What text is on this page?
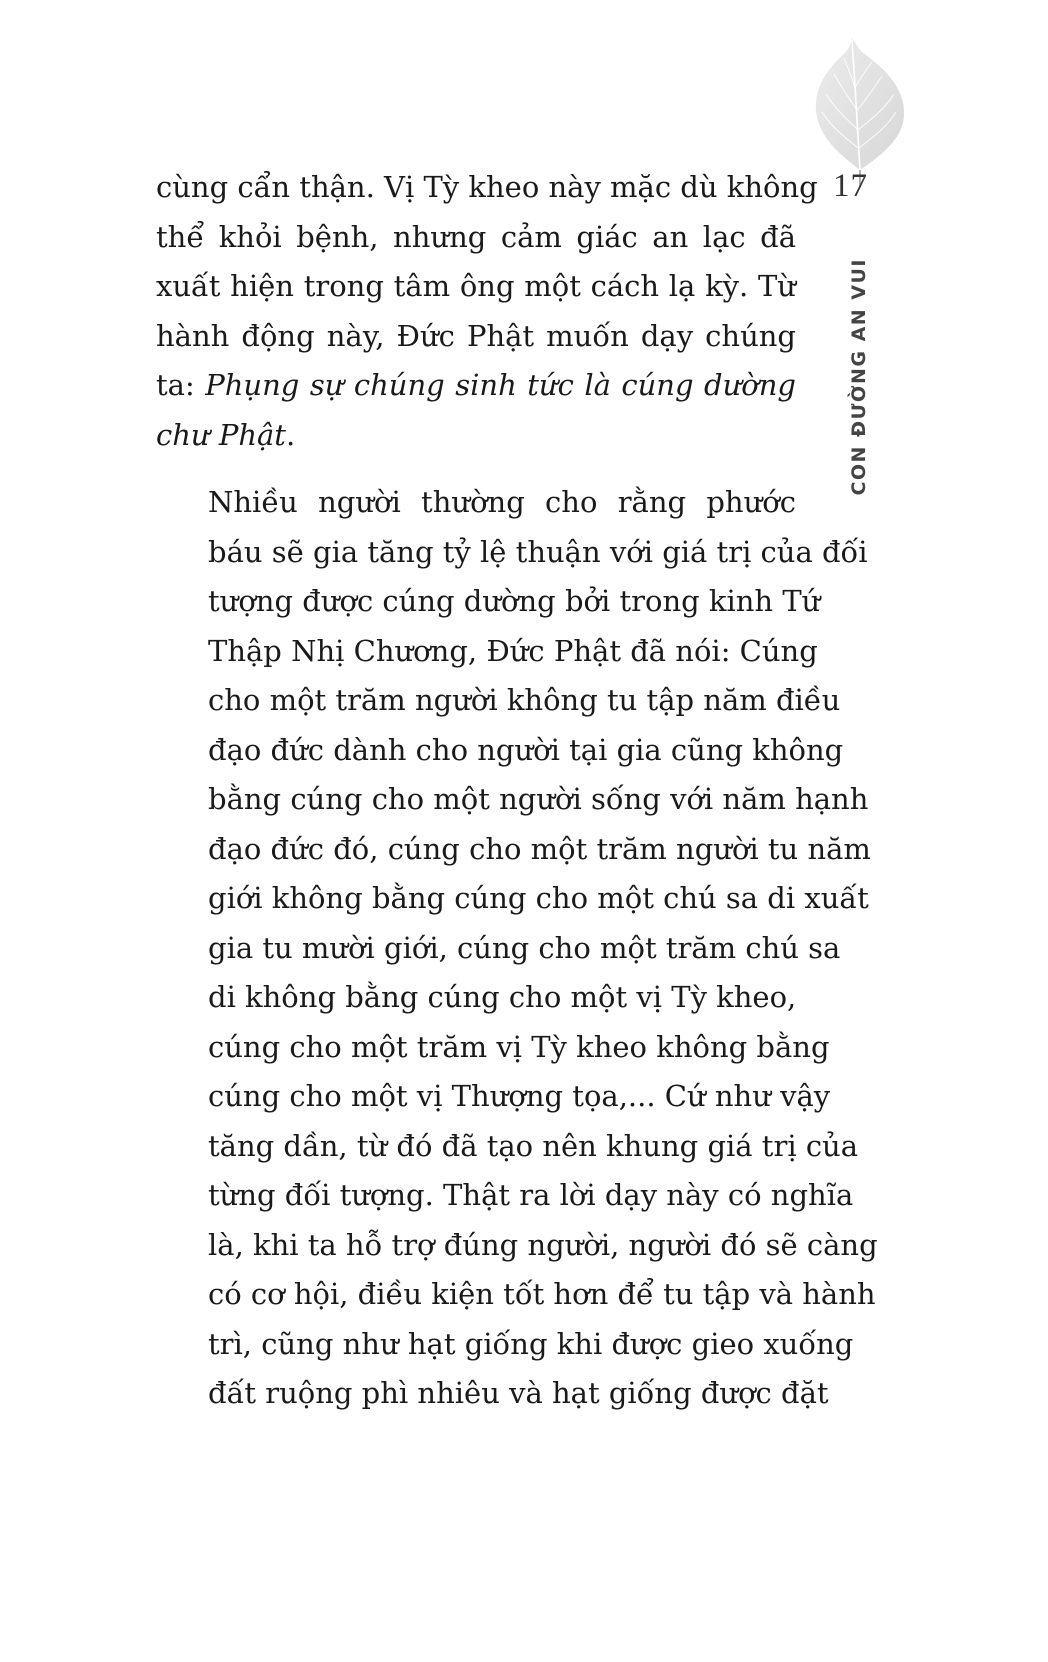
17
CON ĐƯỜNG AN VUI

cùng cẩn thận. Vị Tỳ kheo này mặc dù không
thể khỏi bệnh, nhưng cảm giác an lạc đã
xuất hiện trong tâm ông một cách lạ kỳ. Từ
hành động này, Đức Phật muốn dạy chúng
ta: Phụng sự chúng sinh tức là cúng dường
chư Phật.

Nhiều người thường cho rằng phước
báu sẽ gia tăng tỷ lệ thuận với giá trị của đối
tượng được cúng dường bởi trong kinh Tứ
Thập Nhị Chương, Đức Phật đã nói: Cúng
cho một trăm người không tu tập năm điều
đạo đức dành cho người tại gia cũng không
bằng cúng cho một người sống với năm hạnh
đạo đức đó, cúng cho một trăm người tu năm
giới không bằng cúng cho một chú sa di xuất
gia tu mười giới, cúng cho một trăm chú sa
di không bằng cúng cho một vị Tỳ kheo,
cúng cho một trăm vị Tỳ kheo không bằng
cúng cho một vị Thượng tọa,... Cứ như vậy
tăng dần, từ đó đã tạo nên khung giá trị của
từng đối tượng. Thật ra lời dạy này có nghĩa
là, khi ta hỗ trợ đúng người, người đó sẽ càng
có cơ hội, điều kiện tốt hơn để tu tập và hành
trì, cũng như hạt giống khi được gieo xuống
đất ruộng phì nhiêu và hạt giống được đặt
